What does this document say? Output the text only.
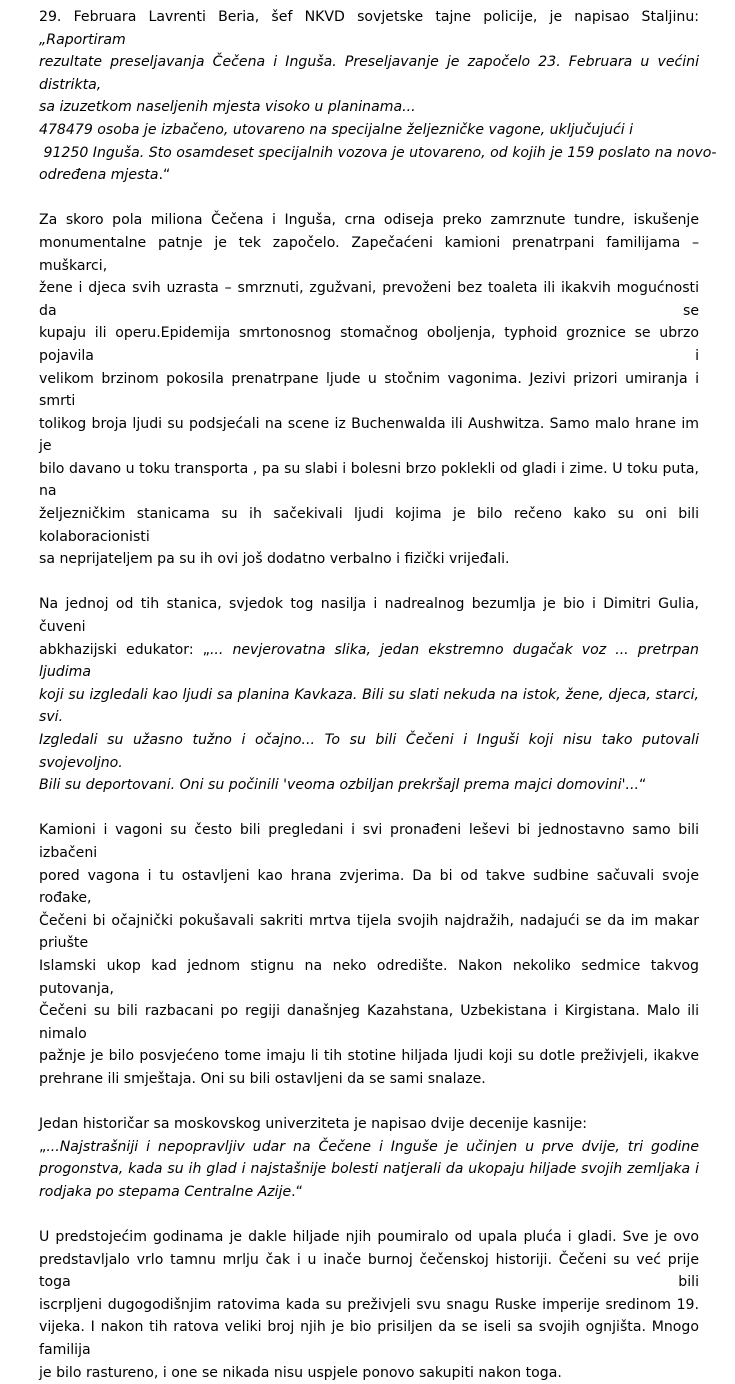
29. Februara Lavrenti Beria, šef NKVD sovjetske tajne policije, je napisao Staljinu: „Raportiram
rezultate preseljavanja Čečena i Inguša. Preseljavanje je započelo 23. Februara u većini distrikta,
sa izuzetkom naseljenih mjesta visoko u planinama...
478479 osoba je izbačeno, utovareno na specijalne željezničke vagone, uključujući i
91250 Inguša. Sto osamdeset specijalnih vozova je utovareno, od kojih je 159 poslato na novo-
određena mjesta.“
Za skoro pola miliona Čečena i Inguša, crna odiseja preko zamrznute tundre, iskušenje
monumentalne patnje je tek započelo. Zapečaćeni kamioni prenatrpani familijama – muškarci,
žene i djeca svih uzrasta – smrznuti, zgužvani, prevoženi bez toaleta ili ikakvih mogućnosti da se
kupaju ili operu.Epidemija smrtonosnog stomačnog oboljenja, typhoid groznice se ubrzo pojavila i
velikom brzinom pokosila prenatrpane ljude u stočnim vagonima. Jezivi prizori umiranja i smrti
tolikog broja ljudi su podsjećali na scene iz Buchenwalda ili Aushwitza. Samo malo hrane im je
bilo davano u toku transporta , pa su slabi i bolesni brzo poklekli od gladi i zime. U toku puta, na
željezničkim stanicama su ih sačekivali ljudi kojima je bilo rečeno kako su oni bili kolaboracionisti
sa neprijateljem pa su ih ovi još dodatno verbalno i fizički vrijeđali.
Na jednoj od tih stanica, svjedok tog nasilja i nadrealnog bezumlja je bio i Dimitri Gulia, čuveni
abkhazijski edukator: „... nevjerovatna slika, jedan ekstremno dugačak voz ... pretrpan ljudima
koji su izgledali kao ljudi sa planina Kavkaza. Bili su slati nekuda na istok, žene, djeca, starci, svi.
Izgledali su užasno tužno i očajno... To su bili Čečeni i Inguši koji nisu tako putovali svojevoljno.
Bili su deportovani. Oni su počinili 'veoma ozbiljan prekršajl prema majci domovini'...“
Kamioni i vagoni su često bili pregledani i svi pronađeni leševi bi jednostavno samo bili izbačeni
pored vagona i tu ostavljeni kao hrana zvjerima. Da bi od takve sudbine sačuvali svoje rođake,
Čečeni bi očajnički pokušavali sakriti mrtva tijela svojih najdražih, nadajući se da im makar priušte
Islamski ukop kad jednom stignu na neko odredište. Nakon nekoliko sedmice takvog putovanja,
Čečeni su bili razbacani po regiji današnjeg Kazahstana, Uzbekistana i Kirgistana. Malo ili nimalo
pažnje je bilo posvjećeno tome imaju li tih stotine hiljada ljudi koji su dotle preživjeli, ikakve
prehrane ili smještaja. Oni su bili ostavljeni da se sami snalaze.
Jedan historičar sa moskovskog univerziteta je napisao dvije decenije kasnije:
„...Najstrašniji i nepopravljiv udar na Čečene i Inguše je učinjen u prve dvije, tri godine
progonstva, kada su ih glad i najstašnije bolesti natjerali da ukopaju hiljade svojih zemljaka i
rodjaka po stepama Centralne Azije.“
U predstojećim godinama je dakle hiljade njih poumiralo od upala pluća i gladi. Sve je ovo
predstavljalo vrlo tamnu mrlju čak i u inače burnoj čečenskoj historiji. Čečeni su već prije toga bili
iscrpljeni dugogodišnjim ratovima kada su preživjeli svu snagu Ruske imperije sredinom 19.
vijeka. I nakon tih ratova veliki broj njih je bio prisiljen da se iseli sa svojih ognjišta. Mnogo familija
je bilo rastureno, i one se nikada nisu uspjele ponovo sakupiti nakon toga.
